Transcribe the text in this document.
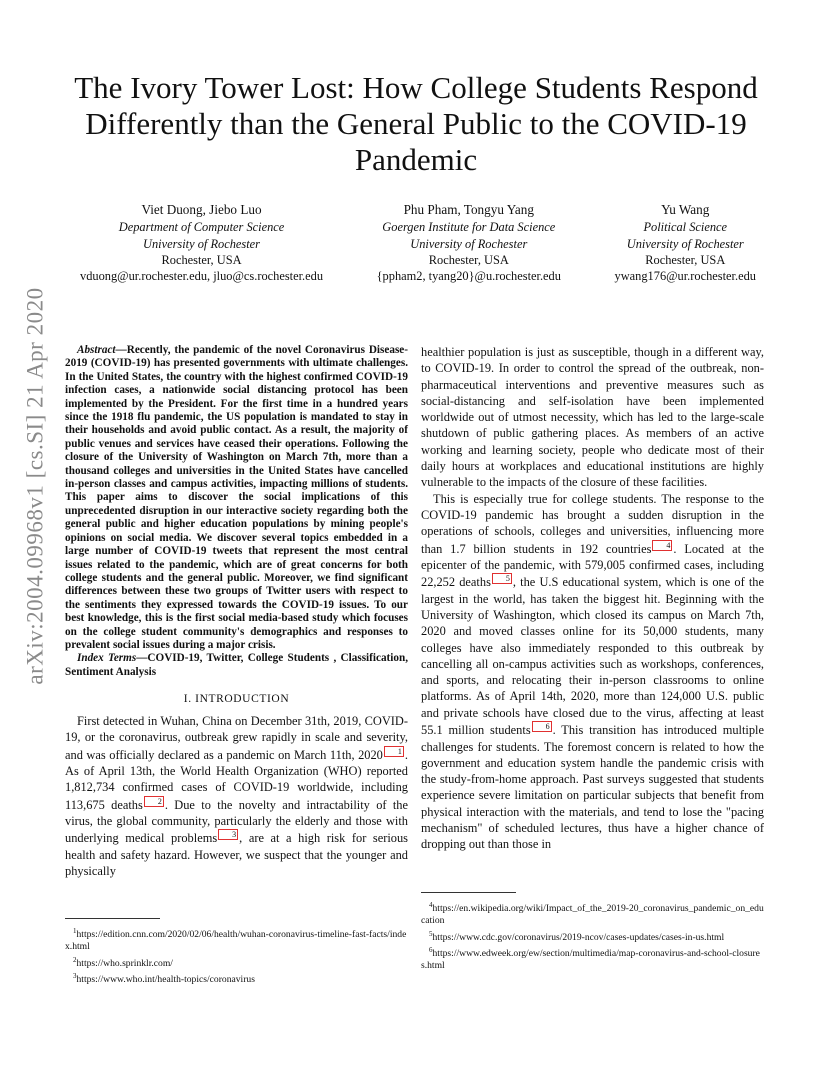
arXiv:2004.09968v1 [cs.SI] 21 Apr 2020
The Ivory Tower Lost: How College Students Respond Differently than the General Public to the COVID-19 Pandemic
Viet Duong, Jiebo Luo
Department of Computer Science
University of Rochester
Rochester, USA
vduong@ur.rochester.edu, jluo@cs.rochester.edu
Phu Pham, Tongyu Yang
Goergen Institute for Data Science
University of Rochester
Rochester, USA
{ppham2, tyang20}@u.rochester.edu
Yu Wang
Political Science
University of Rochester
Rochester, USA
ywang176@ur.rochester.edu

Abstract—Recently, the pandemic of the novel Coronavirus Disease-2019 (COVID-19) has presented governments with ultimate challenges. In the United States, the country with the highest confirmed COVID-19 infection cases, a nationwide social distancing protocol has been implemented by the President. For the first time in a hundred years since the 1918 flu pandemic, the US population is mandated to stay in their households and avoid public contact. As a result, the majority of public venues and services have ceased their operations. Following the closure of the University of Washington on March 7th, more than a thousand colleges and universities in the United States have cancelled in-person classes and campus activities, impacting millions of students. This paper aims to discover the social implications of this unprecedented disruption in our interactive society regarding both the general public and higher education populations by mining people's opinions on social media. We discover several topics embedded in a large number of COVID-19 tweets that represent the most central issues related to the pandemic, which are of great concerns for both college students and the general public. Moreover, we find significant differences between these two groups of Twitter users with respect to the sentiments they expressed towards the COVID-19 issues. To our best knowledge, this is the first social media-based study which focuses on the college student community's demographics and responses to prevalent social issues during a major crisis.

Index Terms—COVID-19, Twitter, College Students , Classification, Sentiment Analysis

I. INTRODUCTION

First detected in Wuhan, China on December 31th, 2019, COVID-19, or the coronavirus, outbreak grew rapidly in scale and severity, and was officially declared as a pandemic on March 11th, 2020 1 . As of April 13th, the World Health Organization (WHO) reported 1,812,734 confirmed cases of COVID-19 worldwide, including 113,675 deaths 2 . Due to the novelty and intractability of the virus, the global community, particularly the elderly and those with underlying medical problems 3 , are at a high risk for serious health and safety hazard. However, we suspect that the younger and physically

$^1$https://edition.cnn.com/2020/02/06/health/wuhan-coronavirus-timeline-fast-facts/index.html

$^2$https://who.sprinklr.com/

$^3$https://www.who.int/health-topics/coronavirus

healthier population is just as susceptible, though in a different way, to COVID-19. In order to control the spread of the outbreak, non-pharmaceutical interventions and preventive measures such as social-distancing and self-isolation have been implemented worldwide out of utmost necessity, which has led to the large-scale shutdown of public gathering places. As members of an active working and learning society, people who dedicate most of their daily hours at workplaces and educational institutions are highly vulnerable to the impacts of the closure of these facilities.

This is especially true for college students. The response to the COVID-19 pandemic has brought a sudden disruption in the operations of schools, colleges and universities, influencing more than 1.7 billion students in 192 countries 4 . Located at the epicenter of the pandemic, with 579,005 confirmed cases, including 22,252 deaths 5 , the U.S educational system, which is one of the largest in the world, has taken the biggest hit. Beginning with the University of Washington, which closed its campus on March 7th, 2020 and moved classes online for its 50,000 students, many colleges have also immediately responded to this outbreak by cancelling all on-campus activities such as workshops, conferences, and sports, and relocating their in-person classrooms to online platforms. As of April 14th, 2020, more than 124,000 U.S. public and private schools have closed due to the virus, affecting at least 55.1 million students 6 . This transition has introduced multiple challenges for students. The foremost concern is related to how the government and education system handle the pandemic crisis with the study-from-home approach. Past surveys suggested that students experience severe limitation on particular subjects that benefit from physical interaction with the materials, and tend to lose the "pacing mechanism" of scheduled lectures, thus have a higher chance of dropping out than those in

$^4$https://en.wikipedia.org/wiki/Impact_of_the_2019-20_coronavirus_pandemic_on_education

$^5$https://www.cdc.gov/coronavirus/2019-ncov/cases-updates/cases-in-us.html

$^6$https://www.edweek.org/ew/section/multimedia/map-coronavirus-and-school-closures.html
